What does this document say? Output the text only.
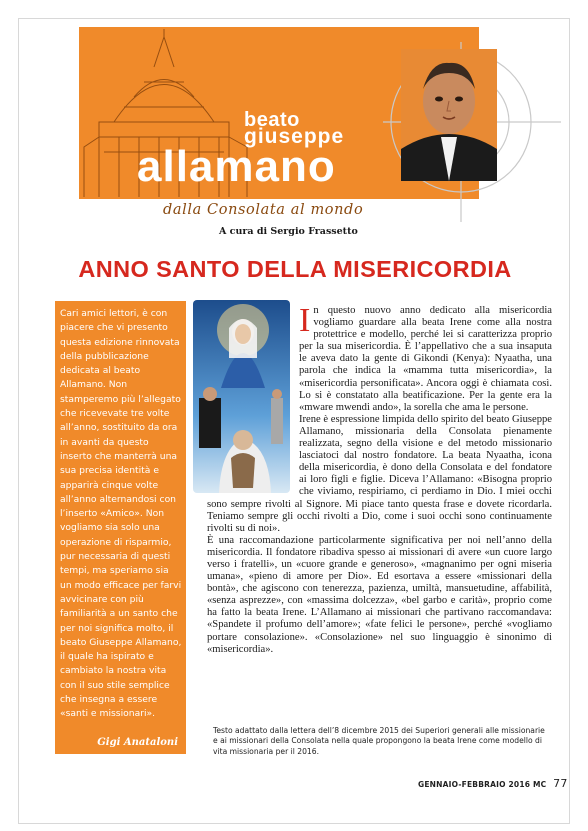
beato
giuseppe
allamano
dalla Consolata al mondo
A cura di Sergio Frassetto
ANNO SANTO DELLA MISERICORDIA
Cari amici lettori, è con piacere che vi presento questa edizione rinnovata della pubblicazione dedicata al beato Allamano. Non stamperemo più l’allegato che ricevevate tre volte all’anno, sostituito da ora in avanti da questo inserto che manterrà una sua precisa identità e apparirà cinque volte all’anno alternandosi con l’inserto «Amico». Non vogliamo sia solo una operazione di risparmio, pur necessaria di questi tempi, ma speriamo sia un modo efficace per farvi avvicinare con più familiarità a un santo che per noi significa molto, il beato Giuseppe Allamano, il quale ha ispirato e cambiato la nostra vita con il suo stile semplice che insegna a essere «santi e missionari».
Gigi Anataloni
I n questo nuovo anno dedicato alla misericordia vogliamo guardare alla beata Irene come alla nostra protettrice e modello, perché lei si caratterizza proprio per la sua misericordia. È l’appellativo che a sua insaputa le aveva dato la gente di Gikondi (Kenya): Nyaatha, una parola che indica la «mamma tutta misericordia», la «misericordia personificata». Ancora oggi è chiamata così. Lo si è constatato alla beatificazione. Per la gente era la «mware mwendi ando», la sorella che ama le persone.

Irene è espressione limpida dello spirito del beato Giuseppe Allamano, missionaria della Consolata pienamente realizzata, segno della visione e del metodo missionario lasciatoci dal nostro fondatore. La beata Nyaatha, icona della misericordia, è dono della Consolata e del fondatore ai loro figli e figlie. Diceva l’Allamano: «Bisogna proprio che viviamo, respiriamo, ci perdiamo in Dio. I miei occhi sono sempre rivolti al Signore. Mi piace tanto questa frase e dovete ricordarla. Teniamo sempre gli occhi rivolti a Dio, come i suoi occhi sono continuamente rivolti su di noi».

È una raccomandazione particolarmente significativa per noi nell’anno della misericordia. Il fondatore ribadiva spesso ai missionari di avere «un cuore largo verso i fratelli», un «cuore grande e generoso», «magnanimo per ogni miseria umana», «pieno di amore per Dio». Ed esortava a essere «missionari della bontà», che agiscono con tenerezza, pazienza, umiltà, mansuetudine, affabilità, «senza asprezze», con «massima dolcezza», «bel garbo e carità», proprio come ha fatto la beata Irene. L’Allamano ai missionari che partivano raccomandava: «Spandete il profumo dell’amore»; «fate felici le persone», perché «vogliamo portare consolazione». «Consolazione» nel suo linguaggio è sinonimo di «misericordia».

Testo adattato dalla lettera dell’8 dicembre 2015 dei Superiori generali alle missionarie e ai missionari della Consolata nella quale propongono la beata Irene come modello di vita missionaria per il 2016.
GENNAIO-FEBBRAIO 2016 MC 77
